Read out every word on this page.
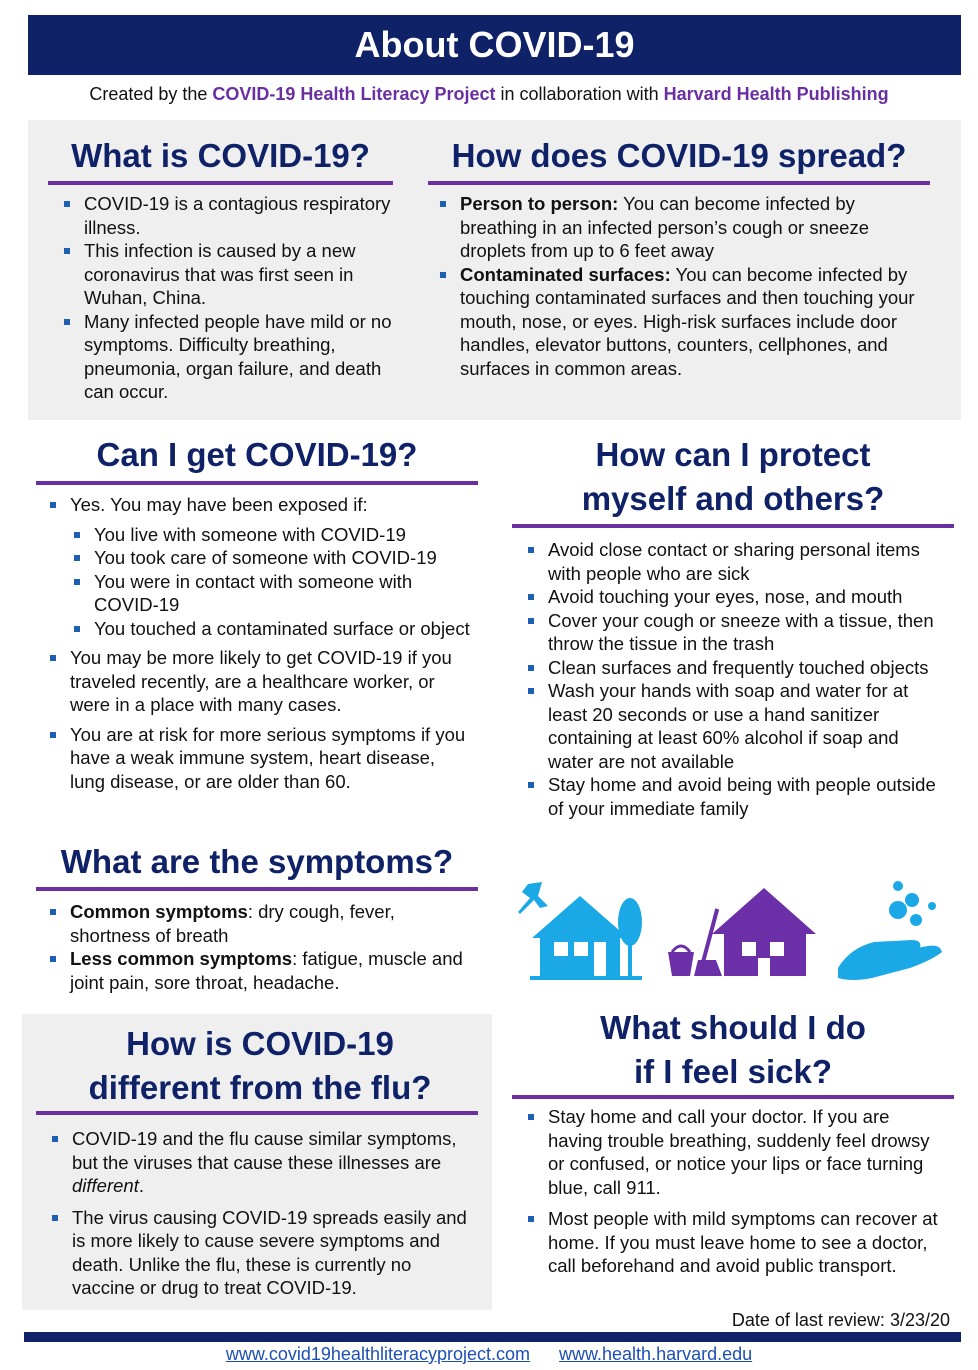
About COVID-19
Created by the COVID-19 Health Literacy Project in collaboration with Harvard Health Publishing
What is COVID-19?
COVID-19 is a contagious respiratory illness.
This infection is caused by a new coronavirus that was first seen in Wuhan, China.
Many infected people have mild or no symptoms. Difficulty breathing, pneumonia, organ failure, and death can occur.
How does COVID-19 spread?
Person to person: You can become infected by breathing in an infected person’s cough or sneeze droplets from up to 6 feet away
Contaminated surfaces: You can become infected by touching contaminated surfaces and then touching your mouth, nose, or eyes. High-risk surfaces include door handles, elevator buttons, counters, cellphones, and surfaces in common areas.
Can I get COVID-19?
Yes. You may have been exposed if:
You live with someone with COVID-19
You took care of someone with COVID-19
You were in contact with someone with COVID-19
You touched a contaminated surface or object
You may be more likely to get COVID-19 if you traveled recently, are a healthcare worker, or were in a place with many cases.
You are at risk for more serious symptoms if you have a weak immune system, heart disease, lung disease, or are older than 60.
What are the symptoms?
Common symptoms: dry cough, fever, shortness of breath
Less common symptoms: fatigue, muscle and joint pain, sore throat, headache.
How is COVID-19
different from the flu?
COVID-19 and the flu cause similar symptoms, but the viruses that cause these illnesses are different.
The virus causing COVID-19 spreads easily and is more likely to cause severe symptoms and death. Unlike the flu, these is currently no vaccine or drug to treat COVID-19.
How can I protect
myself and others?
Avoid close contact or sharing personal items with people who are sick
Avoid touching your eyes, nose, and mouth
Cover your cough or sneeze with a tissue, then throw the tissue in the trash
Clean surfaces and frequently touched objects
Wash your hands with soap and water for at least 20 seconds or use a hand sanitizer containing at least 60% alcohol if soap and water are not available
Stay home and avoid being with people outside of your immediate family
What should I do
if I feel sick?
Stay home and call your doctor. If you are having trouble breathing, suddenly feel drowsy or confused, or notice your lips or face turning blue, call 911.
Most people with mild symptoms can recover at home. If you must leave home to see a doctor, call beforehand and avoid public transport.
Date of last review: 3/23/20
www.covid19healthliteracyproject.com www.health.harvard.edu
